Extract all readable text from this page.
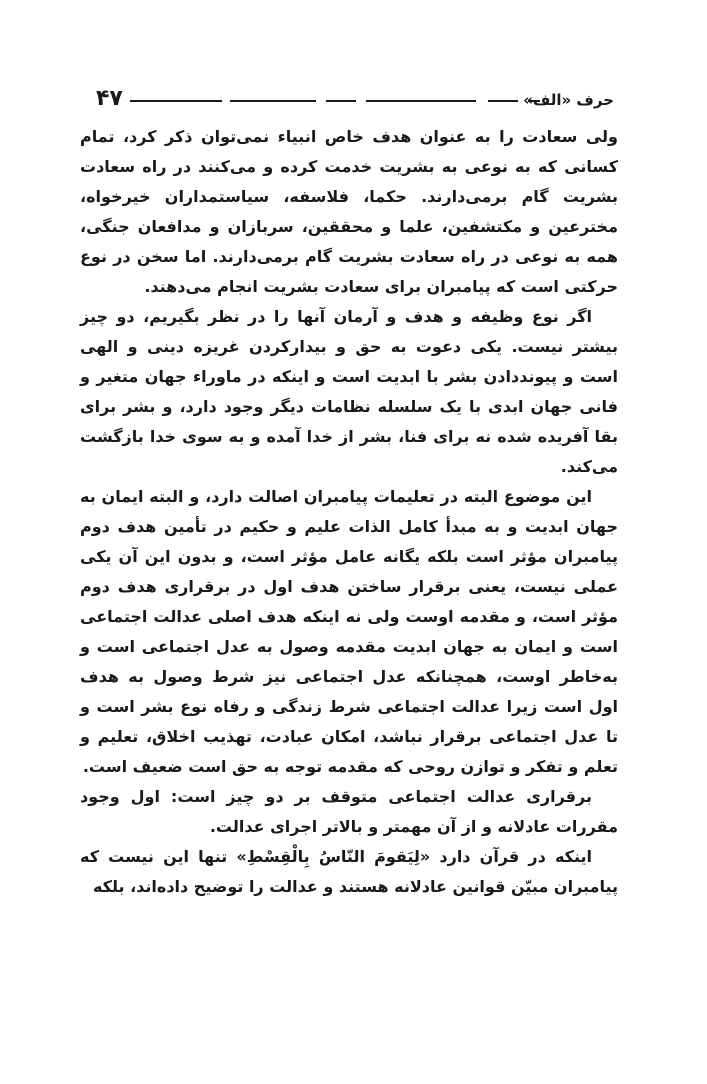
۴۷	حرف «الف»

ولی سعادت را به عنوان هدف خاص انبیاء نمی‌توان ذکر کرد، تمام کسانی که به نوعی به بشریت خدمت کرده و می‌کنند در راه سعادت بشریت گام برمی‌دارند. حکما، فلاسفه، سیاستمداران خیرخواه، مخترعین و مکتشفین، علما و محققین، سربازان و مدافعان جنگی، همه به نوعی در راه سعادت بشریت گام برمی‌دارند. اما سخن در نوع حرکتی است که پیامبران برای سعادت بشریت انجام می‌دهند.

اگر نوع وظیفه و هدف و آرمان آنها را در نظر بگیریم، دو چیز بیشتر نیست. یکی دعوت به حق و بیدارکردن غریزه دینی و الهی است و پیونددادن بشر با ابدیت است و اینکه در ماوراء جهان متغیر و فانی جهان ابدی با یک سلسله نظامات دیگر وجود دارد، و بشر برای بقا آفریده شده نه برای فنا، بشر از خدا آمده و به سوی خدا بازگشت می‌کند.

این موضوع البته در تعلیمات پیامبران اصالت دارد، و البته ایمان به جهان ابدیت و به مبدأ کامل الذات علیم و حکیم در تأمین هدف دوم پیامبران مؤثر است بلکه یگانه عامل مؤثر است، و بدون این آن یکی عملی نیست، یعنی برقرار ساختن هدف اول در برقراری هدف دوم مؤثر است، و مقدمه اوست ولی نه اینکه هدف اصلی عدالت اجتماعی است و ایمان به جهان ابدیت مقدمه وصول به عدل اجتماعی است و به‌خاطر اوست، همچنانکه عدل اجتماعی نیز شرط وصول به هدف اول است زیرا عدالت اجتماعی شرط زندگی و رفاه نوع بشر است و تا عدل اجتماعی برقرار نباشد، امکان عبادت، تهذیب اخلاق، تعلیم و تعلم و تفکر و توازن روحی که مقدمه توجه به حق است ضعیف است.

برقراری عدالت اجتماعی متوقف بر دو چیز است: اول وجود مقررات عادلانه و از آن مهمتر و بالاتر اجرای عدالت.

اینکه در قرآن دارد «لِيَقومَ النّاسُ بِالْقِسْطِ» تنها این نیست که پیامبران مبیّن قوانین عادلانه هستند و عدالت را توضیح داده‌اند، بلکه
